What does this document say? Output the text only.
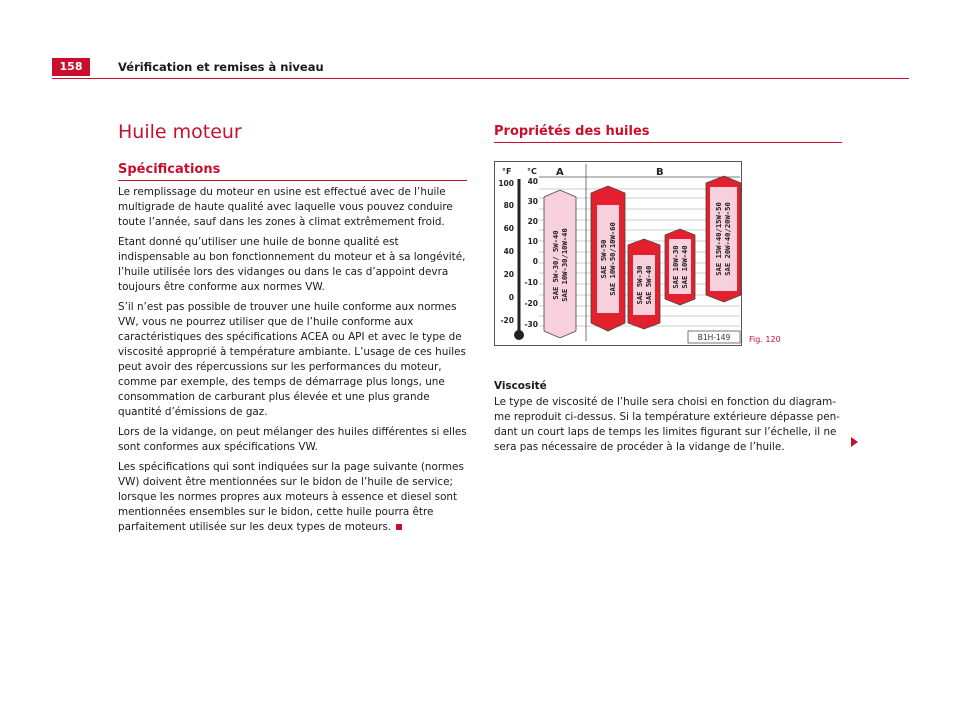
158	Vérification et remises à niveau
Huile moteur
Spécifications

Le remplissage du moteur en usine est effectué avec de l’huile multigrade de haute qualité avec laquelle vous pouvez conduire toute l’année, sauf dans les zones à climat extrêmement froid.

Etant donné qu’utiliser une huile de bonne qualité est indispensable au bon fonctionnement du moteur et à sa longévité, l’huile utilisée lors des vidanges ou dans le cas d’appoint devra toujours être conforme aux normes VW.

S’il n’est pas possible de trouver une huile conforme aux normes VW, vous ne pourrez utiliser que de l’huile conforme aux caractéristiques des spécifications ACEA ou API et avec le type de viscosité approprié à température ambiante. L’usage de ces huiles peut avoir des répercussions sur les performances du moteur, comme par exemple, des temps de démarrage plus longs, une consommation de carburant plus élevée et une plus grande quantité d’émissions de gaz.

Lors de la vidange, on peut mélanger des huiles différentes si elles sont conformes aux spécifications VW.

Les spécifications qui sont indiquées sur la page suivante (normes VW) doivent être mentionnées sur le bidon de l’huile de service; lorsque les normes propres aux moteurs à essence et diesel sont mentionnées ensembles sur le bidon, cette huile pourra être parfaitement utilisée sur les deux types de moteurs.

Propriétés des huiles
°F °C A	B
100
80
60
40
20
0
-20
40
30
20
10
0
-10
-20
-30
SAE 5W-30/ 5W-40SAE 10W-30/10W-40	SAE 5W-50SAE 10W-50/10W-60	SAE 5W-30SAE 5W-40	SAE 10W-30SAE 10W-40	SAE 15W-40/15W-50SAE 20W-40/20W-50
B1H-149 Fig. 120
Viscosité
Le type de viscosité de l’huile sera choisi en fonction du diagramme reproduit ci-dessus. Si la température extérieure dépasse pendant un court laps de temps les limites figurant sur l’échelle, il ne sera pas nécessaire de procéder à la vidange de l’huile.
